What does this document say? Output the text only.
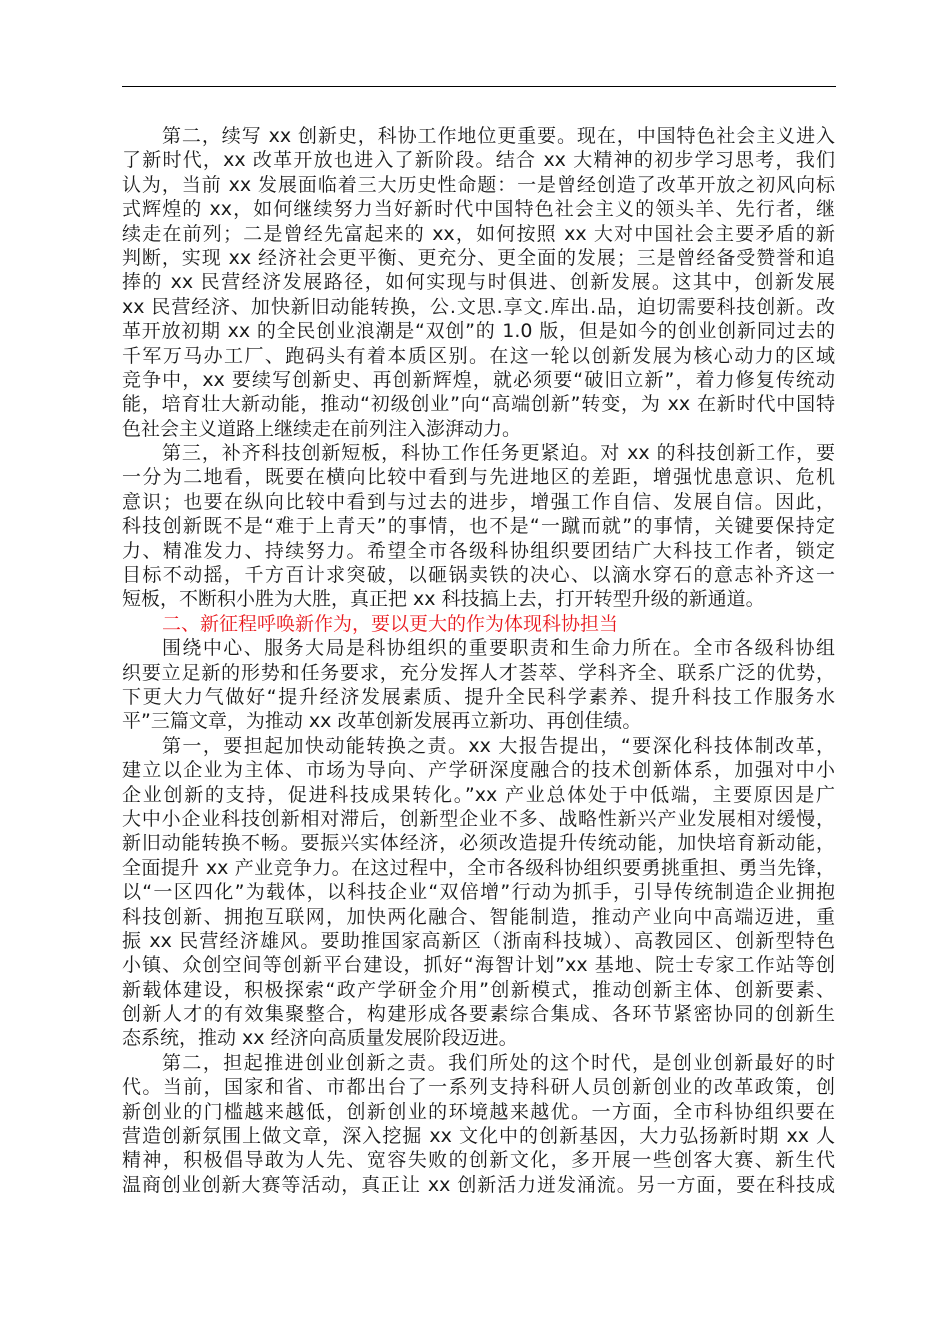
第二，续写 xx 创新史，科协工作地位更重要。现在，中国特色社会主义进入
了新时代，xx 改革开放也进入了新阶段。结合 xx 大精神的初步学习思考，我们
认为，当前 xx 发展面临着三大历史性命题：一是曾经创造了改革开放之初风向标
式辉煌的 xx，如何继续努力当好新时代中国特色社会主义的领头羊、先行者，继
续走在前列；二是曾经先富起来的 xx，如何按照 xx 大对中国社会主要矛盾的新
判断，实现 xx 经济社会更平衡、更充分、更全面的发展；三是曾经备受赞誉和追
捧的 xx 民营经济发展路径，如何实现与时俱进、创新发展。这其中，创新发展
xx 民营经济、加快新旧动能转换，公.文思.享文.库出.品，迫切需要科技创新。改
革开放初期 xx 的全民创业浪潮是“双创”的 1.0 版，但是如今的创业创新同过去的
千军万马办工厂、跑码头有着本质区别。在这一轮以创新发展为核心动力的区域
竞争中，xx 要续写创新史、再创新辉煌，就必须要“破旧立新”，着力修复传统动
能，培育壮大新动能，推动“初级创业”向“高端创新”转变，为 xx 在新时代中国特
色社会主义道路上继续走在前列注入澎湃动力。
第三，补齐科技创新短板，科协工作任务更紧迫。对 xx 的科技创新工作，要
一分为二地看，既要在横向比较中看到与先进地区的差距，增强忧患意识、危机
意识；也要在纵向比较中看到与过去的进步，增强工作自信、发展自信。因此，
科技创新既不是“难于上青天”的事情，也不是“一蹴而就”的事情，关键要保持定
力、精准发力、持续努力。希望全市各级科协组织要团结广大科技工作者，锁定
目标不动摇，千方百计求突破，以砸锅卖铁的决心、以滴水穿石的意志补齐这一
短板，不断积小胜为大胜，真正把 xx 科技搞上去，打开转型升级的新通道。
二、新征程呼唤新作为，要以更大的作为体现科协担当
围绕中心、服务大局是科协组织的重要职责和生命力所在。全市各级科协组
织要立足新的形势和任务要求，充分发挥人才荟萃、学科齐全、联系广泛的优势，
下更大力气做好“提升经济发展素质、提升全民科学素养、提升科技工作服务水
平”三篇文章，为推动 xx 改革创新发展再立新功、再创佳绩。
第一，要担起加快动能转换之责。xx 大报告提出，“要深化科技体制改革，
建立以企业为主体、市场为导向、产学研深度融合的技术创新体系，加强对中小
企业创新的支持，促进科技成果转化。”xx 产业总体处于中低端，主要原因是广
大中小企业科技创新相对滞后，创新型企业不多、战略性新兴产业发展相对缓慢，
新旧动能转换不畅。要振兴实体经济，必须改造提升传统动能，加快培育新动能，
全面提升 xx 产业竞争力。在这过程中，全市各级科协组织要勇挑重担、勇当先锋，
以“一区四化”为载体，以科技企业“双倍增”行动为抓手，引导传统制造企业拥抱
科技创新、拥抱互联网，加快两化融合、智能制造，推动产业向中高端迈进，重
振 xx 民营经济雄风。要助推国家高新区（浙南科技城）、高教园区、创新型特色
小镇、众创空间等创新平台建设，抓好“海智计划”xx 基地、院士专家工作站等创
新载体建设，积极探索“政产学研金介用”创新模式，推动创新主体、创新要素、
创新人才的有效集聚整合，构建形成各要素综合集成、各环节紧密协同的创新生
态系统，推动 xx 经济向高质量发展阶段迈进。
第二，担起推进创业创新之责。我们所处的这个时代，是创业创新最好的时
代。当前，国家和省、市都出台了一系列支持科研人员创新创业的改革政策，创
新创业的门槛越来越低，创新创业的环境越来越优。一方面，全市科协组织要在
营造创新氛围上做文章，深入挖掘 xx 文化中的创新基因，大力弘扬新时期 xx 人
精神，积极倡导敢为人先、宽容失败的创新文化，多开展一些创客大赛、新生代
温商创业创新大赛等活动，真正让 xx 创新活力迸发涌流。另一方面，要在科技成
